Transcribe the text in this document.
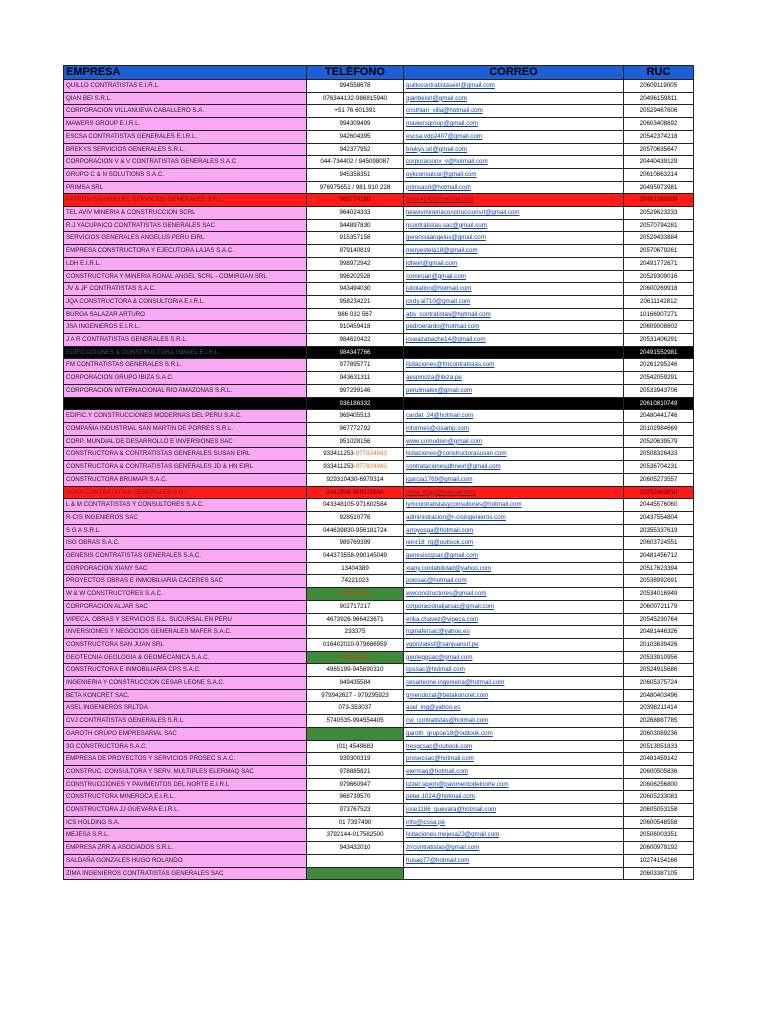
EMPRESA	TELÉFONO	CORREO	RUC
QUILLO CONTRATISTAS E.I.R.L.	994558678	quillocontratistaseirl@gmail.com	20609119005
QIAN BEI S.R.L.	076344132-986815940	qianbeisrl@gmail.com	20496159811
CORPORACION VILLANUEVA CABALLERO S.A.	+51 76 601391	cristhian_villa@hotmail.com	20529467606
MAWERS GROUP E.I.R.L.	994309499	mawersgroup@gmail.com	20603408692
ESCSA CONTRATISTAS GENERALES E.I.R.L.	942604395	escsa.vdp2407@gmail.com	20542374218
BREKYS SERVICIOS GENERALES S.R.L.	942377952	brekys.srl@gmail.com	20570635647
CORPORACION V & V CONTRATISTAS GENERALES S.A.C	044-734402 / 945098087	corporacionv_v@hotmail.com	20440439129
GRUPO C & N SOLUTIONS S.A.C.	945358351	oykconsulcor@gmail.com	20610863214
PRIMSA SRL	976975651 / 981 910 228	primsasrl@hotmail.com	20495973981
PATRON SAN MIGUEL SERVICIOS GENERALES S.R.L.	965774180	omar4145@hotmail.com	20481280809
TEL AVIV MINERIA & CONSTRUCCION SCRL	964024333	telavivmineriaconstruccionsrl@gmail.com	20529623233
R.J YACUPAICO CONTRATISTAS GENERALES SAC	944897830	rjcontratistas.sac@gmail.com	20570794281
SERVICIOS GENERALES ANGELUS PERU EIRL	915357158	gerenciaangelus@gmail.com	20529433884
EMPRESA CONSTRUCTORA Y EJECUTORA LAJAS S.A.C.	979140819	meryestela18@gmail.com	20570679261
LDH E.I.R.L.	998972942	ldheirl@gmail.com	20491772671
CONSTRUCTORA Y MINERIA RONAL ANGEL SCRL - COMIROAN SRL	996202528	comiroan@gmail.com	20529309016
JV & JF CONTRATISTAS S.A.C.	943494030	juliolatino@hotmail.com	20600269918
JQA CONSTRUCTORA & CONSULTORIA E.I.R.L.	958234221	jordy.al710@gmail.com	20611142812
BURGA SALAZAR ARTURO	986 032 567	abs_contratistas@hotmail.com	10166907271
JSA INGENIEROS E.I.R.L.	910459418	pedroerardo@hotmail.com	20609008602
J A R CONTRATISTAS GENERALES S.R.L.	984620422	joseazabache14@gmail.com	20531406291
EDIFICACIONES & CONSTRUCTORA ISMAEL E.I.R.L.	984347766		20491552981
FM CONTRATISTAS GENERALES S.R.L.	977895771	licitaciones@fmcontratistas.com	20261295246
CORPORACION GRUPO IBIZA S.A.C.	943631311	aespinoza@ibiza.pe	20542059291
CORPORACION INTERNACIONAL RIO AMAZONAS S.R.L.	997299146	perulimalex@gmail.com	20533943706
	936186332		20610810749
EDIFIC.Y CONSTRUCCIONES MODERNAS DEL PERU S.A.C.	969405513	cardat_24@hotmail.com	20480441746
COMPAÑIA INDUSTRIAL SAN MARTIN DE PORRES S.R.L.	967772792	informes@cisamp.com	20102984669
CORP. MUNDIAL DE DESARROLLO E INVERSIONES SAC	951028156	www.comudein@gmail.com	20520639579
CONSTRUCTORA & CONTRATISTAS GENERALES SUSAN EIRL	933411253-977824943	licitaciones@constructorasusan.com	20508326433
CONSTRUCTORA & CONTRATISTAS GENERALES JD & HN EIRL	933411253-977824943	contratacionesjdhneirl@gmail.com	20536704231
CONSTRUCTORA BRUMAPI S.A.C.	929310430-6979314	jgarcia1769@gmail.com	20605273557
NOSA CONTRATISTAS GENERALES S R L	2341836-999972804	nosa_ccgg@hotmail.com	20253462810
L & M CONTRATISTAS Y CONSULTORES S.A.C.	043348105-971602584	lymcontratistasyconsultores@hotmail.com	20445576060
R-CIS INGENIEROS SAC	928510776	administracion@r-cisingenieros.com	20437554804
S G A S.R.L.	044639830-956181724	arroyosga@hotmail.com	20355337619
ISG OBRAS S.A.C.	989769399	ieinr18_rg@outlook.com	20603724551
GENESIS CONTRATISTAS GENERALES S.A.C.	044373558-990145049	genesiscgsac@gmail.com	20481456712
CORPORACION XIANY SAC	13404389	xiany.contabilidad@yahoo.com	20517623394
PROYECTOS OBRAS E INMOBILIARIA CACERES SAC	74221023	poicsac@hotmail.com	20538992691
W & W CONSTRUCTORES S.A.C.	949705525	wwconstructores@gmail.com	20534016949
CORPORACION ALJAR SAC	902717217	corporacionaljarsac@gmail.com	20600721179
VIPECA, OBRAS Y SERVICIOS S.L. SUCURSAL EN PERU	4673926-966423671	erika.chavez@vipeca.com	20545230764
INVERSIONES Y NEGOCIOS GENERALES MAFER S.A.C.	233375	ngmafersac@yahoo.es	20481446326
CONSTRUCTORA SAN JUAN SRL	016402010-979686959	vgonzalesf@sanjuansrl.pe	20103639426
GEOTECNIA GEOLOGIA & GEOMECANICA S.A.C.	949708525	geoteggsac@gmail.com	20533910956
CONSTRUCTORA E INMOBILIARIA CPS S.A.C.	4965199-945690310	cpssac@hotmail.com	20524915686
INGENIERIA Y CONSTRUCCION CESAR LEONE S.A.C.	949435584	cesarleone.ingenieria@hotmail.com	20605375724
BETA KONCRET SAC.	979942627 - 979295923	gmendozal@betakoncret.com	20480403496
ASEL INGENIEROS SRLTDA.	073-353037	asel_ing@yahoo.es	20398211414
CVJ CONTRATISTAS GENERALES S.R.L.	5740535-994554405	cvj_contratistas@hotmail.com	20268887785
GAROTH GRUPO EMPRESARIAL SAC		garoth_grupoe18@outlook.com	20603089236
3G CONSTRUCTORA S.A.C.	(01) 4549683	tresgcsac@outlook.com	20513051833
EMPRESA DE PROYECTOS Y SERVICIOS PROSEC S.A.C.	939300319	prosecsac@hotmail.com	20481459142
CONSTRUC. CONSULTORA Y SERV. MULTIPLES ELERMAQ SAC	978885821	elermaq@hotmail.com	20600505836
CONSTRUCCIONES Y PAVIMENTOS DEL NORTE E.I.R.L	979660947	lizzet.sipion@pavimentodelnorte.com	20606256800
CONSTRUCTORA MINEROCA E.I.R.L.	968739570	peter.1024@hotmail.com	20605233083
CONSTRUCTORA JJ GUEVARA E.I.R.L.	973767523	jose1186_guevara@hotmail.com	20605053158
ICS HOLDING S.A.	01 7397490	info@icssa.pe	20600548558
MEJESA S.R.L.	3792144-017582500	licitaciones.mejesa23@gmail.com	20506003351
EMPRESA ZRR & ASOCIADOS S.R.L.	943432010	zrrcontratistas@gmail.com	20600979192
SALDAÑA GONZALES HUGO ROLANDO		husag77@hotmail.com	10274154166
ZIMA INGENIEROS CONTRATISTAS GENERALES SAC			20603387105
